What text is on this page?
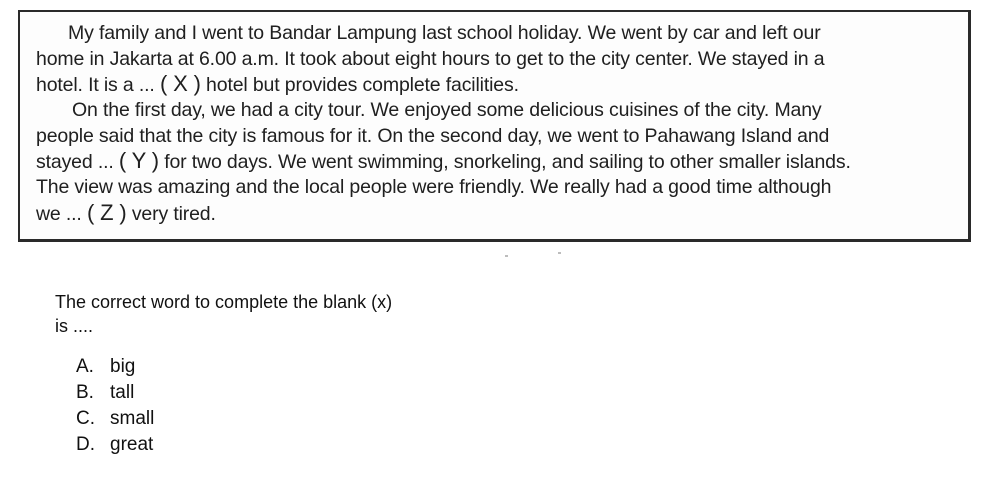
My family and I went to Bandar Lampung last school holiday. We went by car and left our
home in Jakarta at 6.00 a.m. It took about eight hours to get to the city center. We stayed in a
hotel. It is a ... ( X ) hotel but provides complete facilities.
On the first day, we had a city tour. We enjoyed some delicious cuisines of the city. Many
people said that the city is famous for it. On the second day, we went to Pahawang Island and
stayed ... ( Y ) for two days. We went swimming, snorkeling, and sailing to other smaller islands.
The view was amazing and the local people were friendly. We really had a good time although
we ... ( Z ) very tired.
The correct word to complete the blank (x)
is ....
A. big
B. tall
C. small
D. great
